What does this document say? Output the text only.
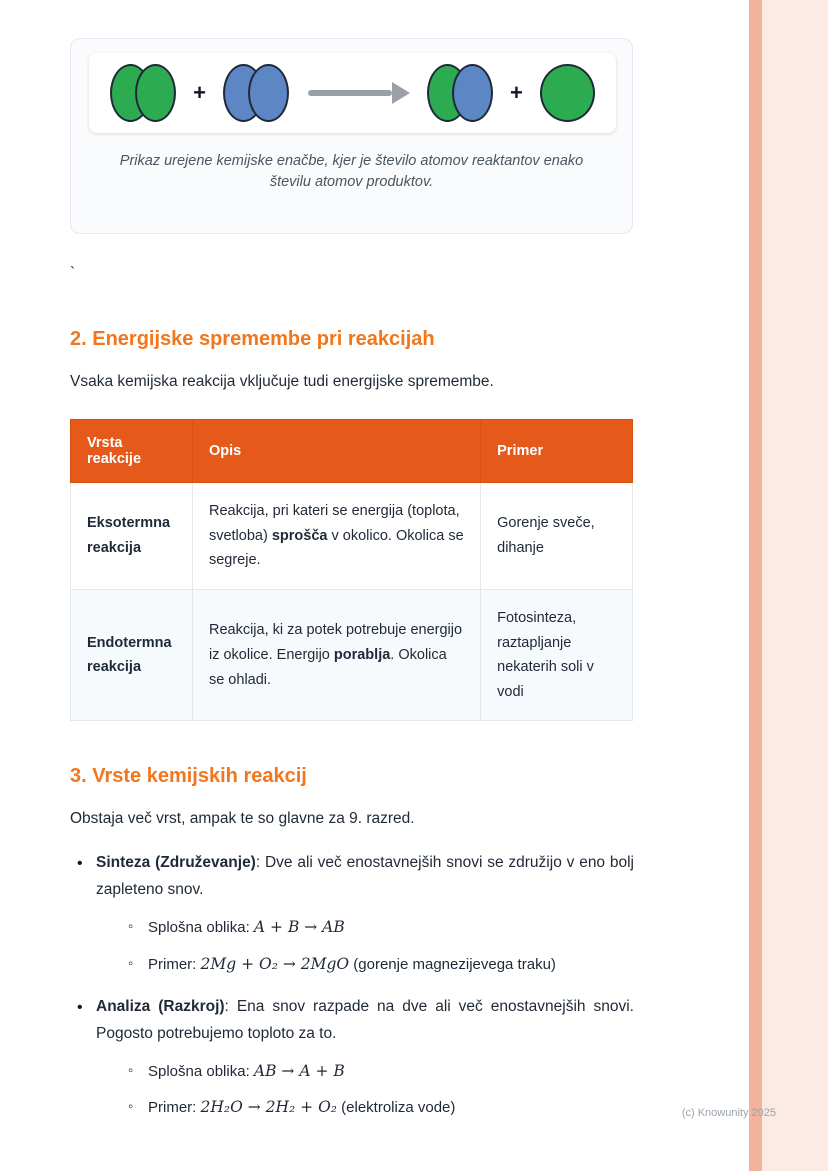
+	+
Prikaz urejene kemijske enačbe, kjer je število atomov reaktantov enako številu atomov produktov.
`
2. Energijske spremembe pri reakcijah

Vsaka kemijska reakcija vključuje tudi energijske spremembe.

Vrsta reakcije	Opis	Primer
Eksotermna reakcija	Reakcija, pri kateri se energija (toplota, svetloba) sprošča v okolico. Okolica se segreje.	Gorenje sveče, dihanje
Endotermna reakcija	Reakcija, ki za potek potrebuje energijo iz okolice. Energijo porablja. Okolica se ohladi.	Fotosinteza, raztapljanje nekaterih soli v vodi
3. Vrste kemijskih reakcij

Obstaja več vrst, ampak te so glavne za 9. razred.

• Sinteza (Združevanje): Dve ali več enostavnejših snovi se združijo v eno bolj zapleteno snov.
◦ Splošna oblika: A + B → AB
◦ Primer: 2Mg + O₂ → 2MgO (gorenje magnezijevega traku)
• Analiza (Razkroj): Ena snov razpade na dve ali več enostavnejših snovi. Pogosto potrebujemo toploto za to.
◦ Splošna oblika: AB → A + B
◦ Primer: 2H₂O → 2H₂ + O₂ (elektroliza vode)	(c) Knowunity 2025
